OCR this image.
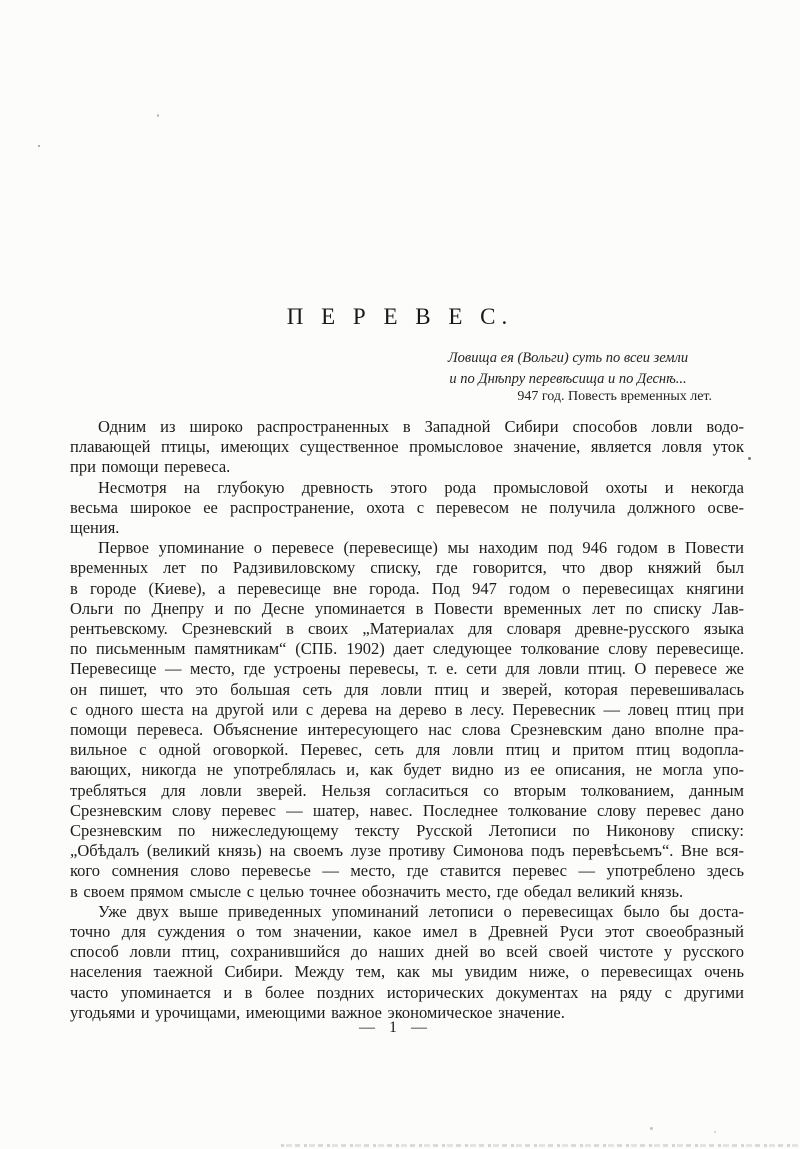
П Е Р Е В Е С.
Ловища ея (Вольги) суть по всеи земли
и по Днѣпру перевѣсища и по Деснѣ...
947 год. Повесть временных лет.
Одним из широко распространенных в Западной Сибири способов ловли водо-
плавающей птицы, имеющих существенное промысловое значение, является ловля уток
при помощи перевеса.
Несмотря на глубокую древность этого рода промысловой охоты и некогда
весьма широкое ее распространение, охота с перевесом не получила должного осве-
щения.
Первое упоминание о перевесе (перевесище) мы находим под 946 годом в Повести
временных лет по Радзивиловскому списку, где говорится, что двор княжий был
в городе (Киеве), а перевесище вне города. Под 947 годом о перевесищах княгини
Ольги по Днепру и по Десне упоминается в Повести временных лет по списку Лав-
рентьевскому. Срезневский в своих „Материалах для словаря древне-русского языка
по письменным памятникам“ (СПБ. 1902) дает следующее толкование слову перевесище.
Перевесище — место, где устроены перевесы, т. е. сети для ловли птиц. О перевесе же
он пишет, что это большая сеть для ловли птиц и зверей, которая перевешивалась
с одного шеста на другой или с дерева на дерево в лесу. Перевесник — ловец птиц при
помощи перевеса. Объяснение интересующего нас слова Срезневским дано вполне пра-
вильное с одной оговоркой. Перевес, сеть для ловли птиц и притом птиц водопла-
вающих, никогда не употреблялась и, как будет видно из ее описания, не могла упо-
требляться для ловли зверей. Нельзя согласиться со вторым толкованием, данным
Срезневским слову перевес — шатер, навес. Последнее толкование слову перевес дано
Срезневским по нижеследующему тексту Русской Летописи по Никонову списку:
„Обѣдалъ (великий князь) на своемъ лузе противу Симонова подъ перевѣсьемъ“. Вне вся-
кого сомнения слово перевесье — место, где ставится перевес — употреблено здесь
в своем прямом смысле с целью точнее обозначить место, где обедал великий князь.
Уже двух выше приведенных упоминаний летописи о перевесищах было бы доста-
точно для суждения о том значении, какое имел в Древней Руси этот своеобразный
способ ловли птиц, сохранившийся до наших дней во всей своей чистоте у русского
населения таежной Сибири. Между тем, как мы увидим ниже, о перевесищах очень
часто упоминается и в более поздних исторических документах на ряду с другими
угодьями и урочищами, имеющими важное экономическое значение.
— 1 —
